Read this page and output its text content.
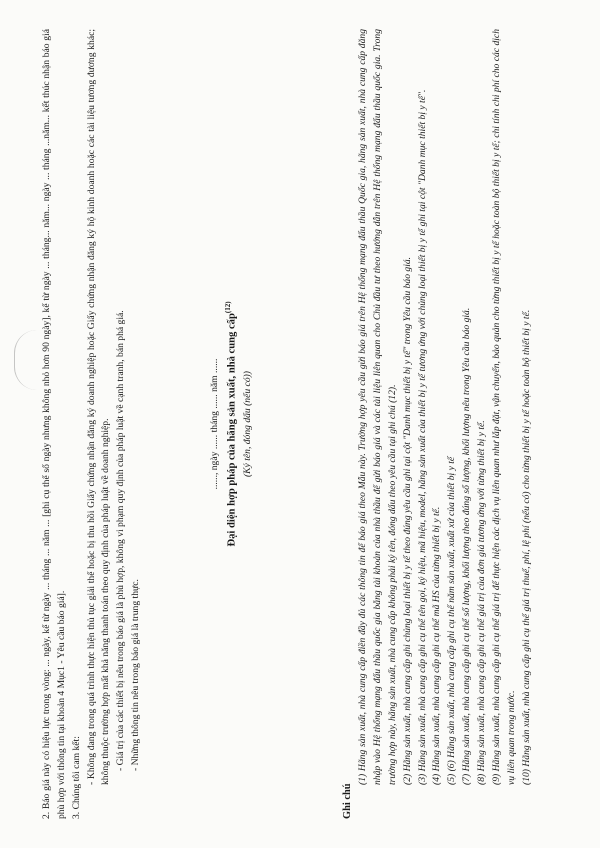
2. Báo giá này có hiệu lực trong vòng: ... ngày, kể từ ngày ... tháng ... năm ... [ghi cụ thể số ngày nhưng không nhỏ hơn 90 ngày], kể từ ngày ... tháng... năm... ngày ... tháng ...năm... kết thúc nhận báo giá phù hợp với thông tin tại khoản 4 Mục1 - Yêu cầu báo giá]. 3. Chúng tôi cam kết: - Không đang trong quá trình thực hiện thủ tục giải thể hoặc bị thu hồi Giấy chứng nhận đăng ký doanh nghiệp hoặc Giấy chứng nhận đăng ký hộ kinh doanh hoặc các tài liệu tương đương khác; không thuộc trường hợp mất khả năng thanh toán theo quy định của pháp luật về doanh nghiệp. - Giá trị của các thiết bị nêu trong báo giá là phù hợp, không vi phạm quy định của pháp luật về cạnh tranh, bán phá giá. - Những thông tin nêu trong báo giá là trung thực.

......, ngày ...... tháng ...... năm ...... Đại diện hợp pháp của hãng sản xuất, nhà cung cấp$^{(12)}$

(Ký tên, đóng dấu (nếu có))

Ghi chú

(1) Hãng sản xuất, nhà cung cấp điền đầy đủ các thông tin để báo giá theo Mẫu này. Trường hợp yêu cầu gửi báo giá trên Hệ thống mạng đấu thầu Quốc gia, hãng sản xuất, nhà cung cấp đăng nhập vào Hệ thống mạng đấu thầu quốc gia bằng tài khoản của nhà thầu để gửi báo giá và các tài liệu liên quan cho Chủ đầu tư theo hướng dẫn trên Hệ thống mạng đấu thầu quốc gia. Trong trường hợp này, hãng sản xuất, nhà cung cấp không phải ký tên, đóng dấu theo yêu cầu tại ghi chú (12). (2) Hãng sản xuất, nhà cung cấp ghi chủng loại thiết bị y tế theo đúng yêu cầu ghi tại cột "Danh mục thiết bị y tế" trong Yêu cầu báo giá. (3) Hãng sản xuất, nhà cung cấp ghi cụ thể tên gọi, ký hiệu, mã hiệu, model, hãng sản xuất của thiết bị y tế tương ứng với chủng loại thiết bị y tế ghi tại cột "Danh mục thiết bị y tế". (4) Hãng sản xuất, nhà cung cấp ghi cụ thể mã HS của từng thiết bị y tế. (5) (6) Hãng sản xuất, nhà cung cấp ghi cụ thể năm sản xuất, xuất xứ của thiết bị y tế (7) Hãng sản xuất, nhà cung cấp ghi cụ thể số lượng, khối lượng theo đúng số lượng, khối lượng nêu trong Yêu cầu báo giá. (8) Hãng sản xuất, nhà cung cấp ghi cụ thể giá trị của đơn giá tương ứng với từng thiết bị y tế. (9) Hãng sản xuất, nhà cung cấp ghi cụ thể giá trị để thực hiện các dịch vụ liên quan như lắp đặt, vận chuyển, bảo quản cho từng thiết bị y tế hoặc toàn bộ thiết bị y tế; chi tính chi phí cho các dịch vụ liên quan trong nước. (10) Hãng sản xuất, nhà cung cấp ghi cụ thể giá trị thuế, phí, lệ phí (nếu có) cho từng thiết bị y tế hoặc toàn bộ thiết bị y tế.
